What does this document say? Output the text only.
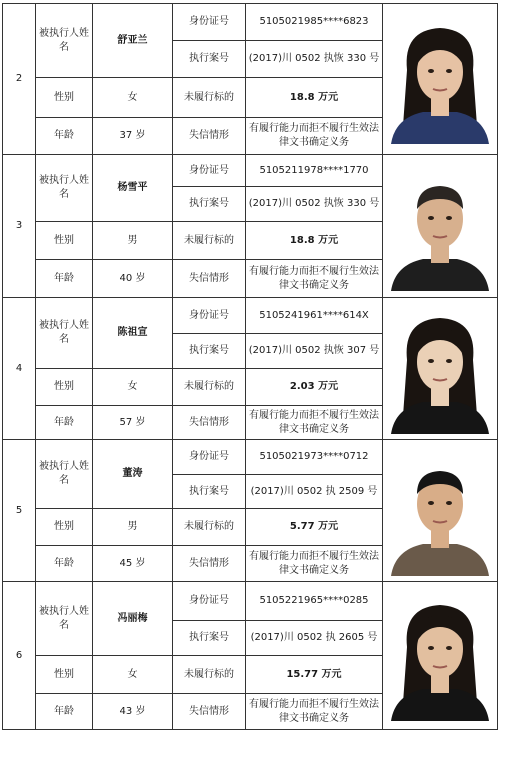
2	被执行人姓名	舒亚兰	身份证号	5105021985****6823	

			执行案号	(2017)川 0502 执恢 330 号	
	性别	女	未履行标的	18.8 万元	
	年龄	37 岁	失信情形	有履行能力而拒不履行生效法律文书确定义务	
3	被执行人姓名	杨雪平	身份证号	5105211978****1770	

			执行案号	(2017)川 0502 执恢 330 号	
	性别	男	未履行标的	18.8 万元	
	年龄	40 岁	失信情形	有履行能力而拒不履行生效法律文书确定义务	
4	被执行人姓名	陈祖宣	身份证号	5105241961****614X	

			执行案号	(2017)川 0502 执恢 307 号	
	性别	女	未履行标的	2.03 万元	
	年龄	57 岁	失信情形	有履行能力而拒不履行生效法律文书确定义务	
5	被执行人姓名	董涛	身份证号	5105021973****0712	

			执行案号	(2017)川 0502 执 2509 号	
	性别	男	未履行标的	5.77 万元	
	年龄	45 岁	失信情形	有履行能力而拒不履行生效法律文书确定义务	
6	被执行人姓名	冯丽梅	身份证号	5105221965****0285	

			执行案号	(2017)川 0502 执 2605 号	
	性别	女	未履行标的	15.77 万元	
	年龄	43 岁	失信情形	有履行能力而拒不履行生效法律文书确定义务	
